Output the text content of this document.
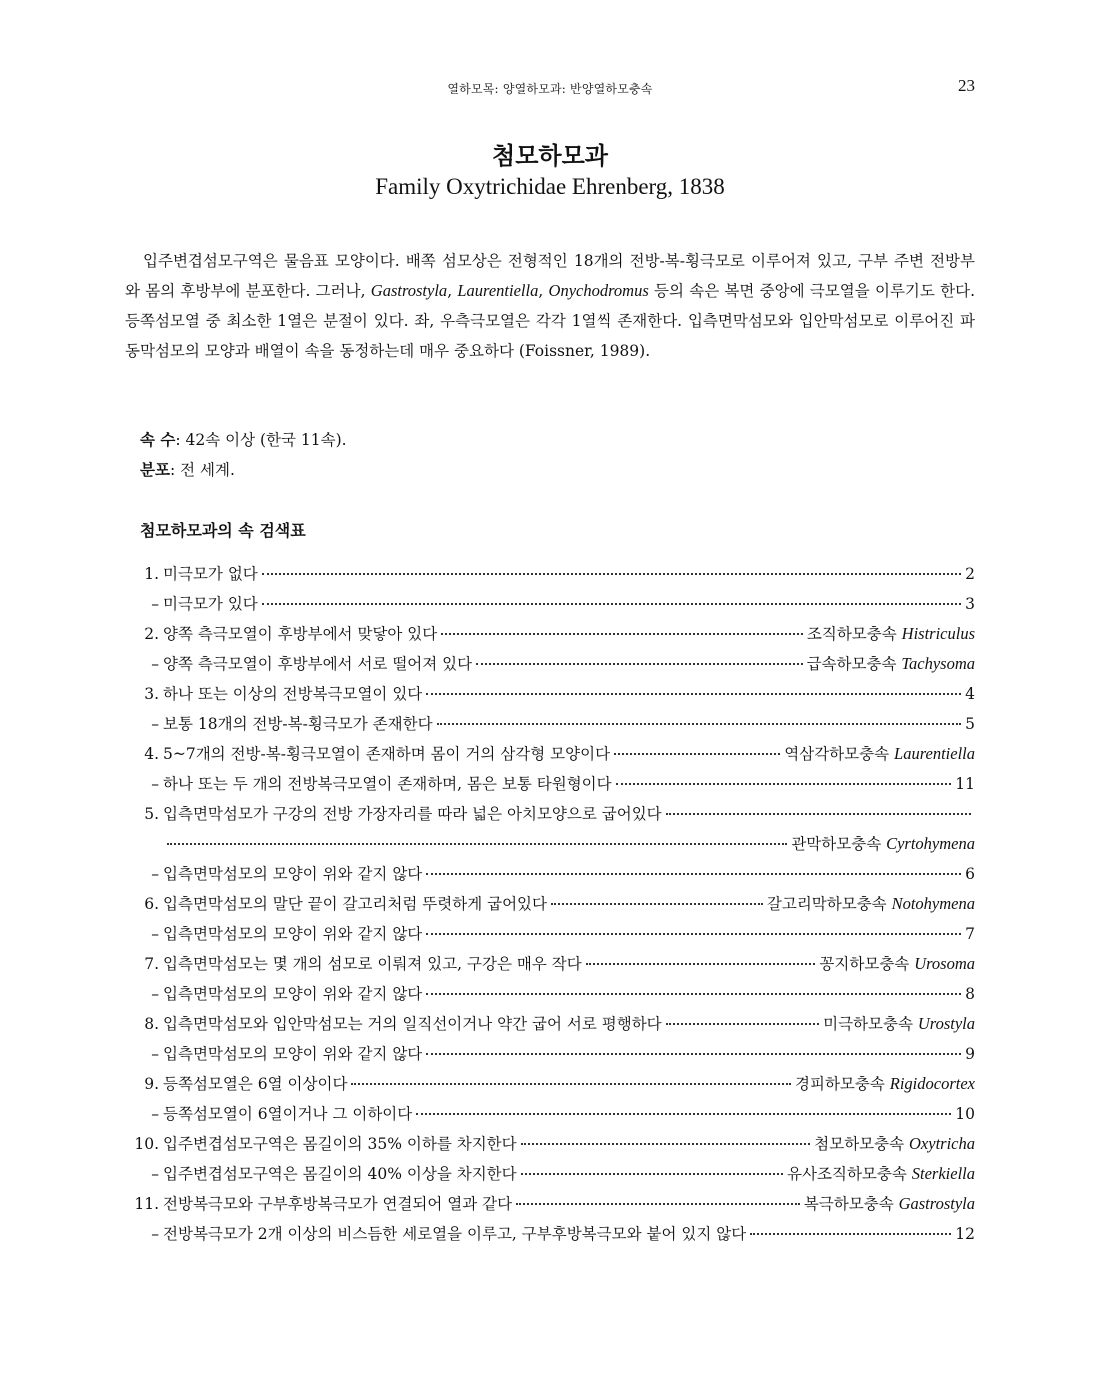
열하모목: 양열하모과: 반양열하모충속	23
첨모하모과
Family Oxytrichidae Ehrenberg, 1838

입주변겹섬모구역은 물음표 모양이다. 배쪽 섬모상은 전형적인 18개의 전방-복-횡극모로 이루어져 있고, 구부 주변 전방부와 몸의 후방부에 분포한다. 그러나, Gastrostyla, Laurentiella, Onychodromus 등의 속은 복면 중앙에 극모열을 이루기도 한다. 등쪽섬모열 중 최소한 1열은 분절이 있다. 좌, 우측극모열은 각각 1열씩 존재한다. 입측면막섬모와 입안막섬모로 이루어진 파동막섬모의 모양과 배열이 속을 동정하는데 매우 중요하다 (Foissner, 1989).

속 수: 42속 이상 (한국 11속).
분포: 전 세계.
첨모하모과의 속 검색표
1. 미극모가 없다	2
– 미극모가 있다	3
2. 양쪽 측극모열이 후방부에서 맞닿아 있다	조직하모충속 Histriculus
– 양쪽 측극모열이 후방부에서 서로 떨어져 있다	급속하모충속 Tachysoma
3. 하나 또는 이상의 전방복극모열이 있다	4
– 보통 18개의 전방-복-횡극모가 존재한다	5
4. 5~7개의 전방-복-횡극모열이 존재하며 몸이 거의 삼각형 모양이다	역삼각하모충속 Laurentiella
– 하나 또는 두 개의 전방복극모열이 존재하며, 몸은 보통 타원형이다	11
5. 입측면막섬모가 구강의 전방 가장자리를 따라 넓은 아치모양으로 굽어있다
관막하모충속 Cyrtohymena
– 입측면막섬모의 모양이 위와 같지 않다	6
6. 입측면막섬모의 말단 끝이 갈고리처럼 뚜렷하게 굽어있다	갈고리막하모충속 Notohymena
– 입측면막섬모의 모양이 위와 같지 않다	7
7. 입측면막섬모는 몇 개의 섬모로 이뤄져 있고, 구강은 매우 작다	꽁지하모충속 Urosoma
– 입측면막섬모의 모양이 위와 같지 않다	8
8. 입측면막섬모와 입안막섬모는 거의 일직선이거나 약간 굽어 서로 평행하다	미극하모충속 Urostyla
– 입측면막섬모의 모양이 위와 같지 않다	9
9. 등쪽섬모열은 6열 이상이다	경피하모충속 Rigidocortex
– 등쪽섬모열이 6열이거나 그 이하이다	10
10. 입주변겹섬모구역은 몸길이의 35% 이하를 차지한다	첨모하모충속 Oxytricha
– 입주변겹섬모구역은 몸길이의 40% 이상을 차지한다	유사조직하모충속 Sterkiella
11. 전방복극모와 구부후방복극모가 연결되어 열과 같다	복극하모충속 Gastrostyla
– 전방복극모가 2개 이상의 비스듬한 세로열을 이루고, 구부후방복극모와 붙어 있지 않다	12
